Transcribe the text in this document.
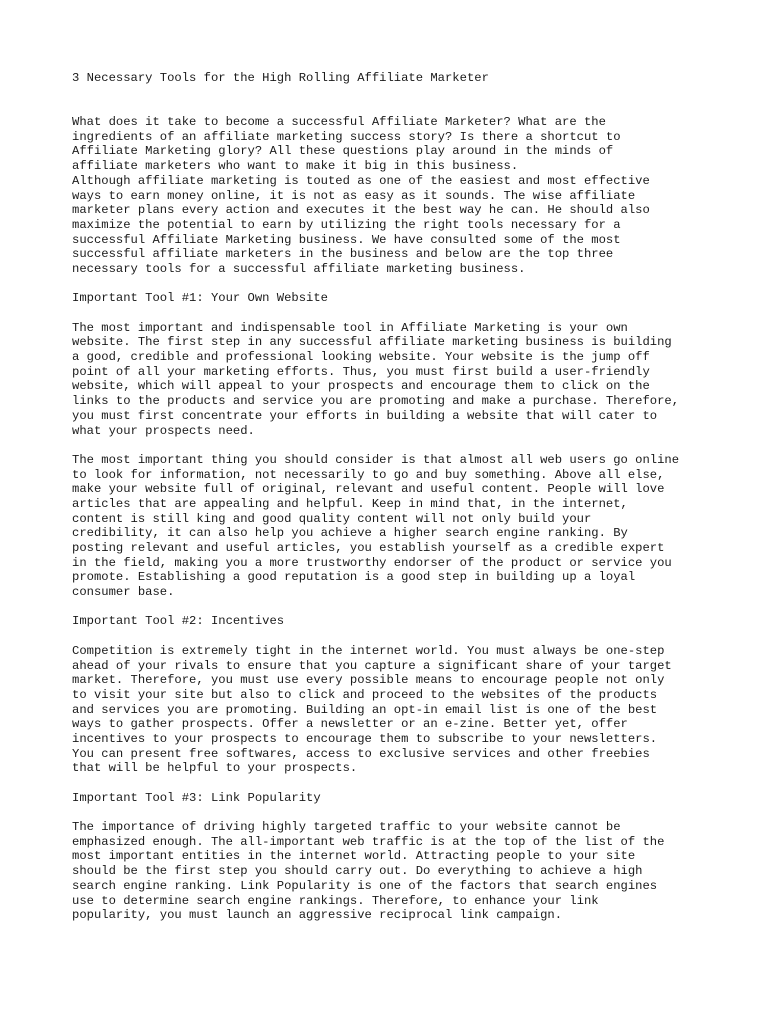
3 Necessary Tools for the High Rolling Affiliate Marketer
What does it take to become a successful Affiliate Marketer? What are the
ingredients of an affiliate marketing success story? Is there a shortcut to
Affiliate Marketing glory? All these questions play around in the minds of
affiliate marketers who want to make it big in this business.
Although affiliate marketing is touted as one of the easiest and most effective
ways to earn money online, it is not as easy as it sounds. The wise affiliate
marketer plans every action and executes it the best way he can. He should also
maximize the potential to earn by utilizing the right tools necessary for a
successful Affiliate Marketing business. We have consulted some of the most
successful affiliate marketers in the business and below are the top three
necessary tools for a successful affiliate marketing business.
Important Tool #1: Your Own Website
The most important and indispensable tool in Affiliate Marketing is your own
website. The first step in any successful affiliate marketing business is building
a good, credible and professional looking website. Your website is the jump off
point of all your marketing efforts. Thus, you must first build a user-friendly
website, which will appeal to your prospects and encourage them to click on the
links to the products and service you are promoting and make a purchase. Therefore,
you must first concentrate your efforts in building a website that will cater to
what your prospects need.
The most important thing you should consider is that almost all web users go online
to look for information, not necessarily to go and buy something. Above all else,
make your website full of original, relevant and useful content. People will love
articles that are appealing and helpful. Keep in mind that, in the internet,
content is still king and good quality content will not only build your
credibility, it can also help you achieve a higher search engine ranking. By
posting relevant and useful articles, you establish yourself as a credible expert
in the field, making you a more trustworthy endorser of the product or service you
promote. Establishing a good reputation is a good step in building up a loyal
consumer base.
Important Tool #2: Incentives
Competition is extremely tight in the internet world. You must always be one-step
ahead of your rivals to ensure that you capture a significant share of your target
market. Therefore, you must use every possible means to encourage people not only
to visit your site but also to click and proceed to the websites of the products
and services you are promoting. Building an opt-in email list is one of the best
ways to gather prospects. Offer a newsletter or an e-zine. Better yet, offer
incentives to your prospects to encourage them to subscribe to your newsletters.
You can present free softwares, access to exclusive services and other freebies
that will be helpful to your prospects.
Important Tool #3: Link Popularity
The importance of driving highly targeted traffic to your website cannot be
emphasized enough. The all-important web traffic is at the top of the list of the
most important entities in the internet world. Attracting people to your site
should be the first step you should carry out. Do everything to achieve a high
search engine ranking. Link Popularity is one of the factors that search engines
use to determine search engine rankings. Therefore, to enhance your link
popularity, you must launch an aggressive reciprocal link campaign.
